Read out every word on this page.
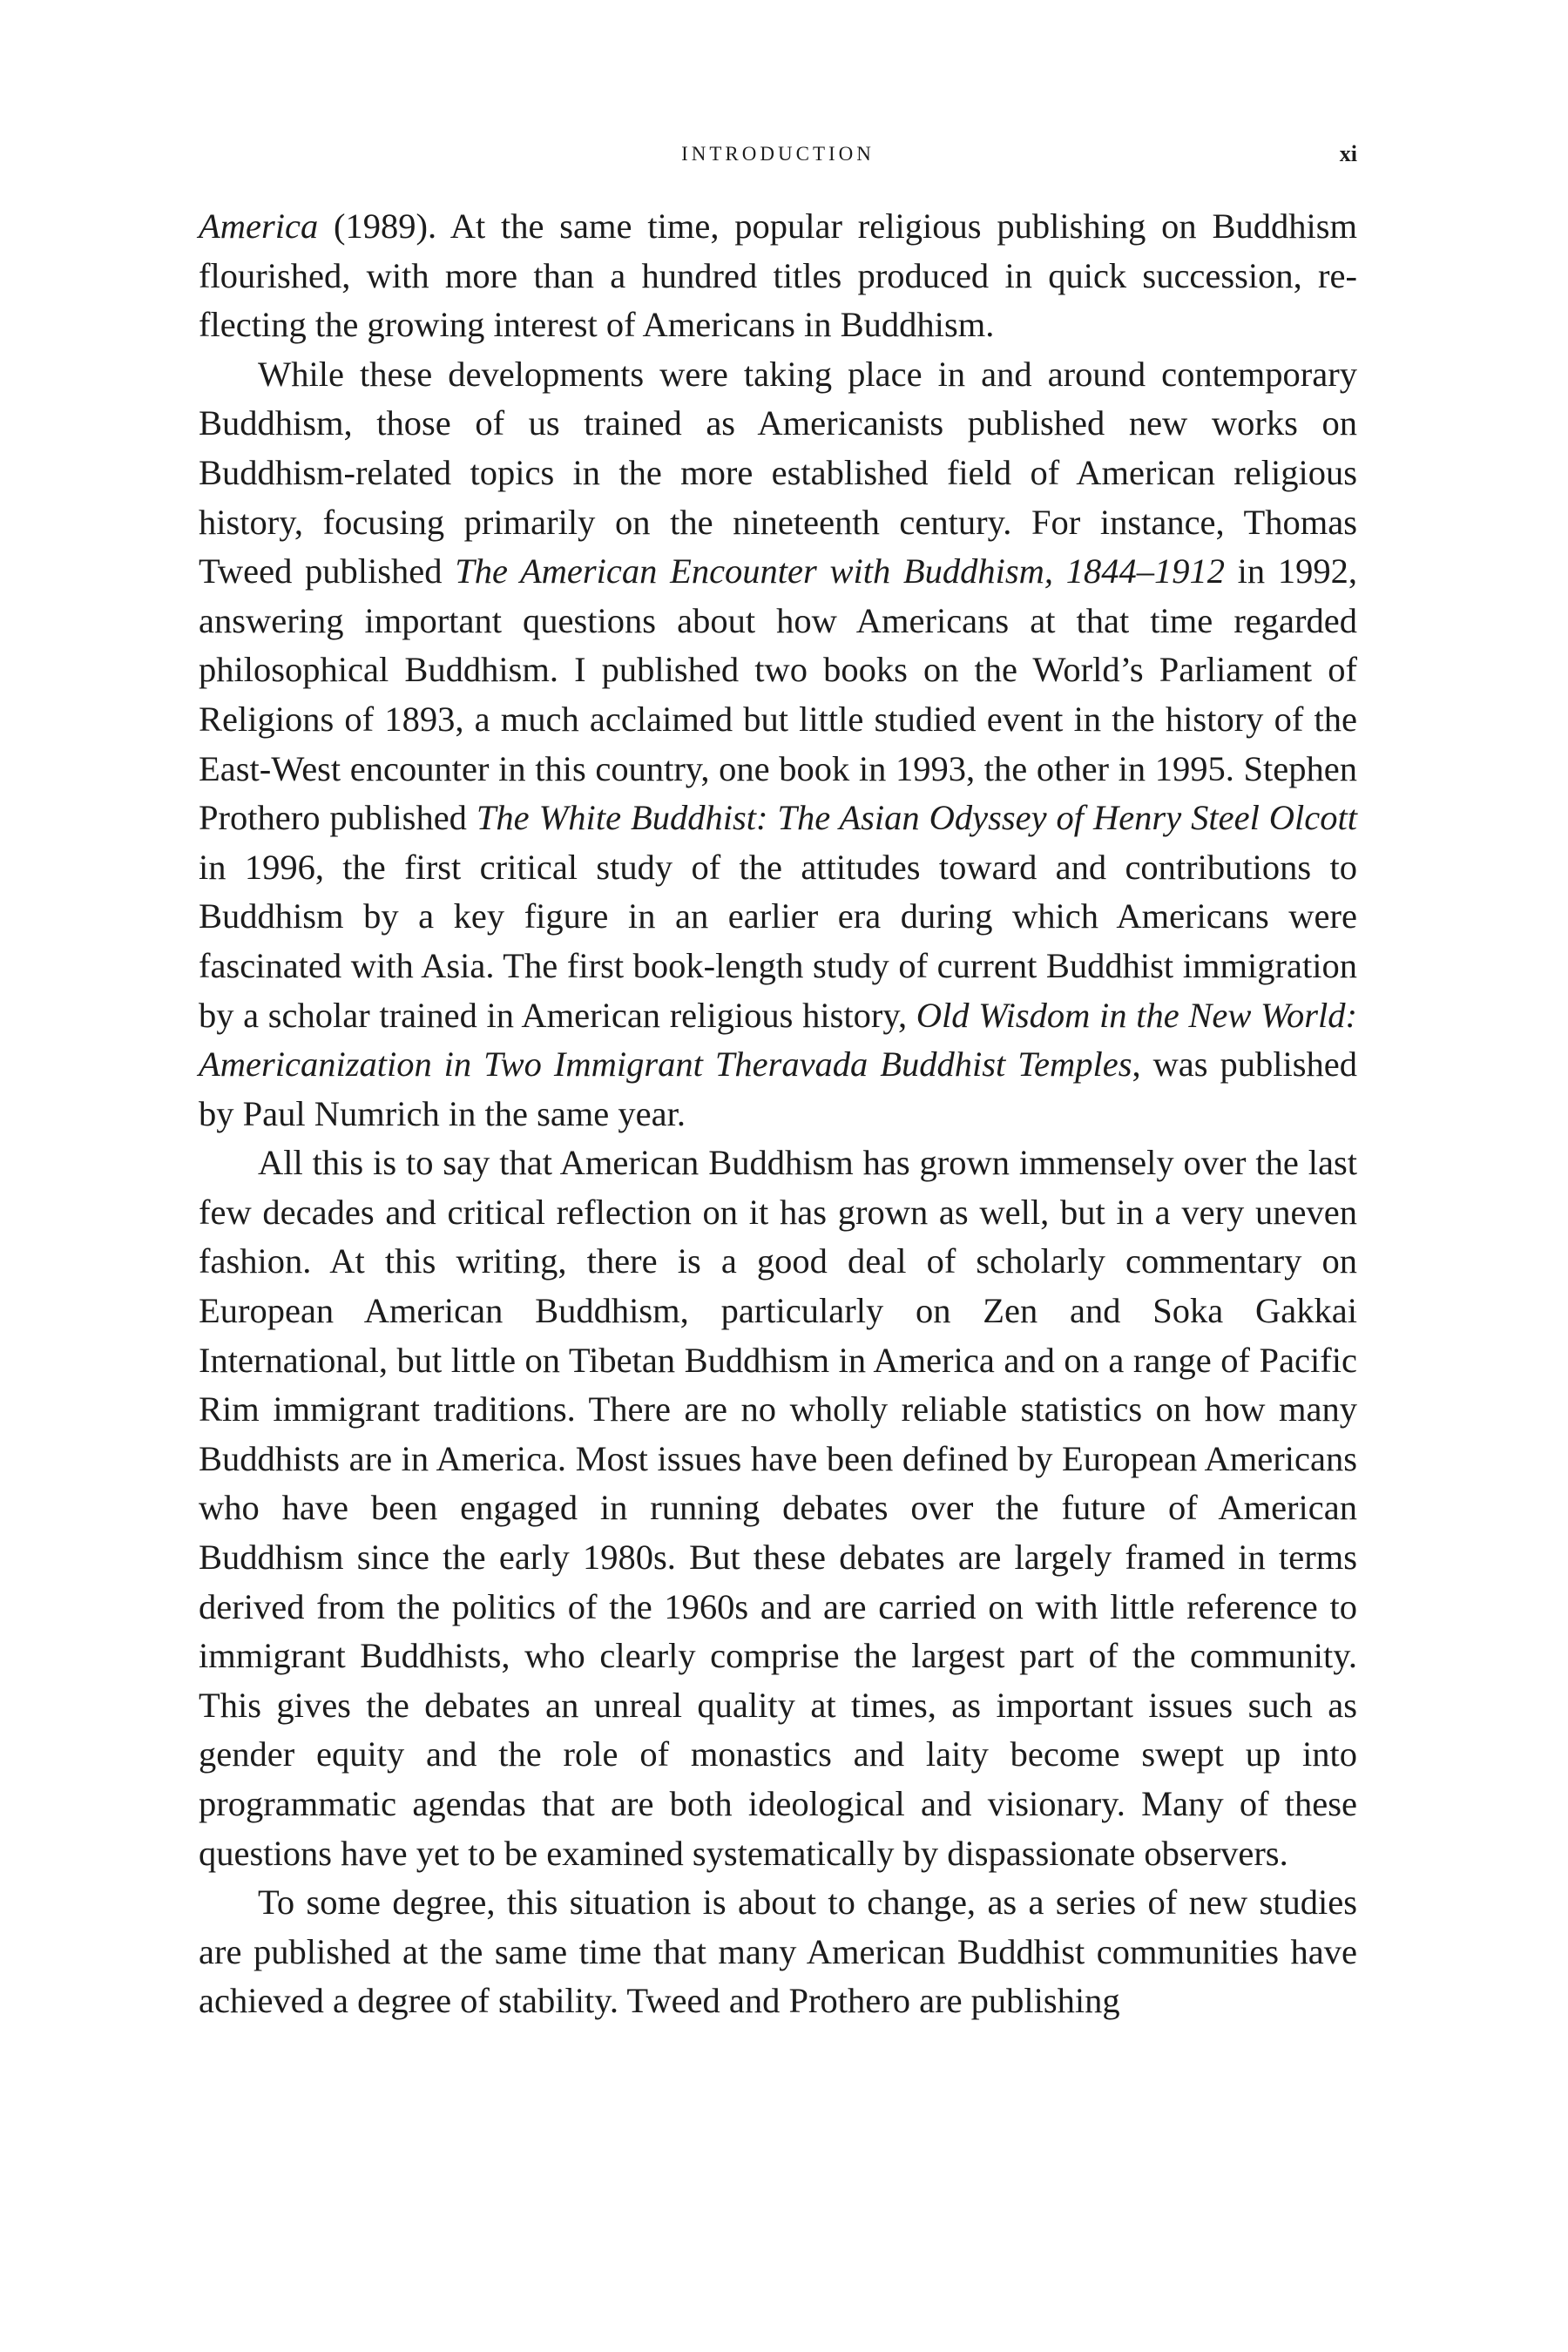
INTRODUCTION	xi

America (1989). At the same time, popular religious publishing on Buddhism flourished, with more than a hundred titles produced in quick succession, reflecting the growing interest of Americans in Buddhism.

While these developments were taking place in and around contemporary Buddhism, those of us trained as Americanists published new works on Buddhism-related topics in the more established field of American religious history, focusing primarily on the nineteenth century. For instance, Thomas Tweed published The American Encounter with Buddhism, 1844–1912 in 1992, answering important questions about how Americans at that time regarded philosophical Buddhism. I published two books on the World’s Parliament of Religions of 1893, a much acclaimed but little studied event in the history of the East-West encounter in this country, one book in 1993, the other in 1995. Stephen Prothero published The White Buddhist: The Asian Odyssey of Henry Steel Olcott in 1996, the first critical study of the attitudes toward and contributions to Buddhism by a key figure in an earlier era during which Americans were fascinated with Asia. The first book-length study of current Buddhist immigration by a scholar trained in American religious history, Old Wisdom in the New World: Americanization in Two Immigrant Theravada Buddhist Temples, was published by Paul Numrich in the same year.

All this is to say that American Buddhism has grown immensely over the last few decades and critical reflection on it has grown as well, but in a very uneven fashion. At this writing, there is a good deal of scholarly commentary on European American Buddhism, particularly on Zen and Soka Gakkai International, but little on Tibetan Buddhism in America and on a range of Pacific Rim immigrant traditions. There are no wholly reliable statistics on how many Buddhists are in America. Most issues have been defined by European Americans who have been engaged in running debates over the future of American Buddhism since the early 1980s. But these debates are largely framed in terms derived from the politics of the 1960s and are carried on with little reference to immigrant Buddhists, who clearly comprise the largest part of the community. This gives the debates an unreal quality at times, as important issues such as gender equity and the role of monastics and laity become swept up into programmatic agendas that are both ideological and visionary. Many of these questions have yet to be examined systematically by dispassionate observers.

To some degree, this situation is about to change, as a series of new studies are published at the same time that many American Buddhist communities have achieved a degree of stability. Tweed and Prothero are publishing
